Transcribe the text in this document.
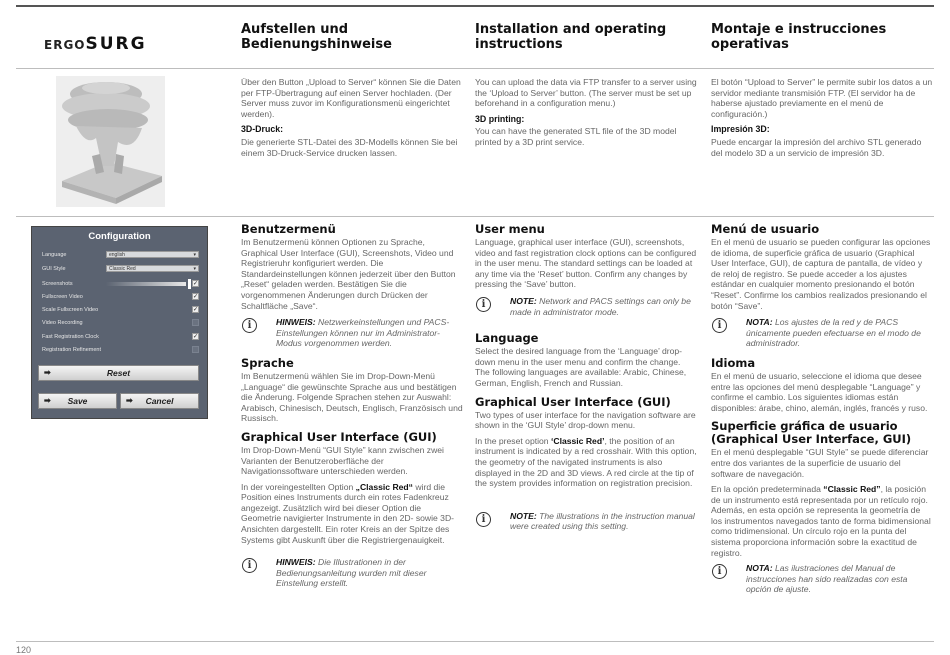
ERGOSURG
Aufstellen und Bedienungshinweise
Installation and operating instructions
Montaje e instrucciones operativas

Über den Button „Upload to Server“ können Sie die Daten per FTP-Übertragung auf einen Server hochladen. (Der Server muss zuvor im Konfigurationsmenü eingerichtet werden).

3D-Druck:

Die generierte STL-Datei des 3D-Modells können Sie bei einem 3D-Druck-Service drucken lassen.

You can upload the data via FTP transfer to a server using the ‘Upload to Server’ button. (The server must be set up beforehand in a configuration menu.)

3D printing:

You can have the generated STL file of the 3D model printed by a 3D print service.

El botón “Upload to Server” le permite subir los datos a un servidor mediante transmisión FTP. (El servidor ha de haberse ajustado previamente en el menú de configuración.)

Impresión 3D:

Puede encargar la impresión del archivo STL generado del modelo 3D a un servicio de impresión 3D.

Configuration
Language	english ▾
GUI Style	Classic Red ▾
Screenshots	✓
Fullscreen Video	✓
Scale Fullscreen Video	✓
Video Recording
Fast Registration Clock	✓
Registration Refinement
➡	Reset
➡ Save	➡ Cancel
Benutzermenü

Im Benutzermenü können Optionen zu Sprache, Graphical User Interface (GUI), Screenshots, Video und Registrieruhr konfiguriert werden. Die Standardeinstellungen können jederzeit über den Button „Reset“ geladen werden. Bestätigen Sie die vorgenommenen Änderungen durch Drücken der Schaltfläche „Save“.

i	HINWEIS: Netzwerkeinstellungen und PACS-Einstellungen können nur im Administrator-Modus vorgenommen werden.
Sprache

Im Benutzermenü wählen Sie im Drop-Down-Menü „Language“ die gewünschte Sprache aus und bestätigen die Änderung. Folgende Sprachen stehen zur Auswahl: Arabisch, Chinesisch, Deutsch, Englisch, Französisch und Russisch.

Graphical User Interface (GUI)

Im Drop-Down-Menü “GUI Style” kann zwischen zwei Varianten der Benutzeroberfläche der Navigationssoftware unterschieden werden.

In der voreingestellten Option „Classic Red“ wird die Position eines Instruments durch ein rotes Fadenkreuz angezeigt. Zusätzlich wird bei dieser Option die Geometrie navigierter Instrumente in den 2D- sowie 3D-Ansichten dargestellt. Ein roter Kreis an der Spitze des Systems gibt Auskunft über die Registriergenauigkeit.

i	HINWEIS: Die Illustrationen in der Bedienungsanleitung wurden mit dieser Einstellung erstellt.
User menu

Language, graphical user interface (GUI), screenshots, video and fast registration clock options can be configured in the user menu. The standard settings can be loaded at any time via the ‘Reset’ button. Confirm any changes by pressing the ‘Save’ button.

i	NOTE: Network and PACS settings can only be made in administrator mode.
Language

Select the desired language from the ‘Language’ drop-down menu in the user menu and confirm the change. The following languages are available: Arabic, Chinese, German, English, French and Russian.

Graphical User Interface (GUI)

Two types of user interface for the navigation software are shown in the ‘GUI Style’ drop-down menu.

In the preset option ‘Classic Red’, the position of an instrument is indicated by a red crosshair. With this option, the geometry of the navigated instruments is also displayed in the 2D and 3D views. A red circle at the tip of the system provides information on registration precision.

i	NOTE: The illustrations in the instruction manual were created using this setting.
Menú de usuario

En el menú de usuario se pueden configurar las opciones de idioma, de superficie gráfica de usuario (Graphical User Interface, GUI), de captura de pantalla, de vídeo y de reloj de registro. Se puede acceder a los ajustes estándar en cualquier momento presionando el botón “Reset”. Confirme los cambios realizados presionando el botón “Save”.

i	NOTA: Los ajustes de la red y de PACS únicamente pueden efectuarse en el modo de administrador.
Idioma

En el menú de usuario, seleccione el idioma que desee entre las opciones del menú desplegable “Language” y confirme el cambio. Los siguientes idiomas están disponibles: árabe, chino, alemán, inglés, francés y ruso.

Superficie gráfica de usuario (Graphical User Interface, GUI)

En el menú desplegable “GUI Style” se puede diferenciar entre dos variantes de la superficie de usuario del software de navegación.

En la opción predeterminada “Classic Red”, la posición de un instrumento está representada por un retículo rojo. Además, en esta opción se representa la geometría de los instrumentos navegados tanto de forma bidimensional como tridimensional. Un círculo rojo en la punta del sistema proporciona información sobre la exactitud de registro.

i	NOTA: Las ilustraciones del Manual de instrucciones han sido realizadas con esta opción de ajuste.
120
